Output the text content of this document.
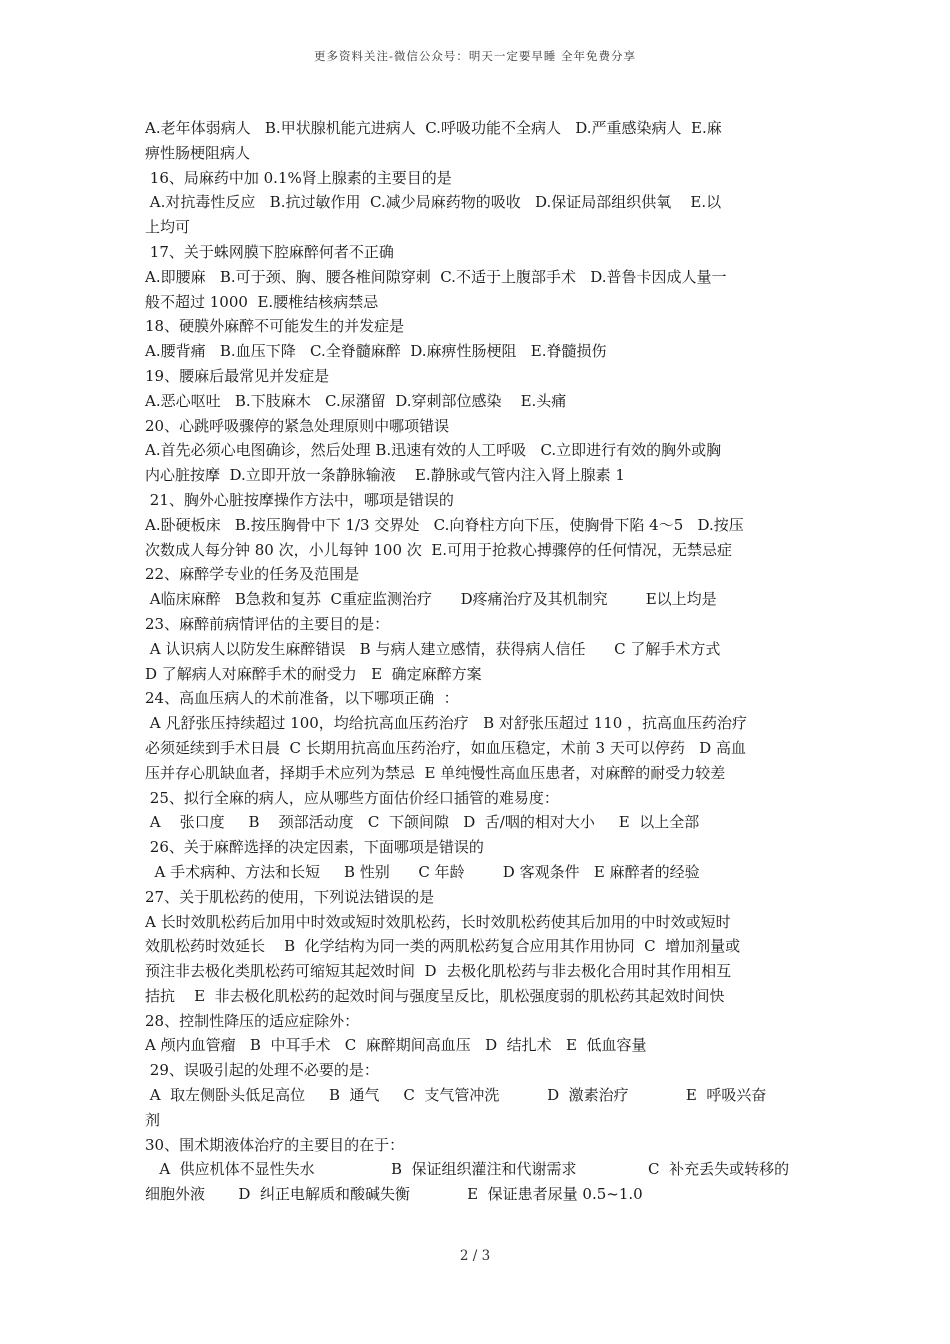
更多资料关注-微信公众号：明天一定要早睡 全年免费分享

A.老年体弱病人   B.甲状腺机能亢进病人  C.呼吸功能不全病人   D.严重感染病人  E.麻

痹性肠梗阻病人

16、局麻药中加 0.1%肾上腺素的主要目的是

A.对抗毒性反应   B.抗过敏作用  C.减少局麻药物的吸收   D.保证局部组织供氧    E.以

上均可

17、关于蛛网膜下腔麻醉何者不正确

A.即腰麻   B.可于颈、胸、腰各椎间隙穿刺  C.不适于上腹部手术   D.普鲁卡因成人量一

般不超过 1000  E.腰椎结核病禁忌

18、硬膜外麻醉不可能发生的并发症是

A.腰背痛   B.血压下降   C.全脊髓麻醉  D.麻痹性肠梗阻   E.脊髓损伤

19、腰麻后最常见并发症是

A.恶心呕吐   B.下肢麻木   C.尿潴留  D.穿刺部位感染    E.头痛

20、心跳呼吸骤停的紧急处理原则中哪项错误

A.首先必须心电图确诊，然后处理 B.迅速有效的人工呼吸   C.立即进行有效的胸外或胸

内心脏按摩  D.立即开放一条静脉输液    E.静脉或气管内注入肾上腺素 1

21、胸外心脏按摩操作方法中，哪项是错误的

A.卧硬板床   B.按压胸骨中下 1/3 交界处   C.向脊柱方向下压，使胸骨下陷 4～5   D.按压

次数成人每分钟 80 次，小儿每钟 100 次  E.可用于抢救心搏骤停的任何情况，无禁忌症

22、麻醉学专业的任务及范围是

A临床麻醉   B急救和复苏  C重症监测治疗      D疼痛治疗及其机制究        E以上均是

23、麻醉前病情评估的主要目的是：

A 认识病人以防发生麻醉错误   B 与病人建立感情，获得病人信任      C 了解手术方式

D 了解病人对麻醉手术的耐受力   E  确定麻醉方案

24、高血压病人的术前准备，以下哪项正确  ：

A 凡舒张压持续超过 100，均给抗高血压药治疗   B 对舒张压超过 110 ，抗高血压药治疗

必须延续到手术日晨  C 长期用抗高血压药治疗，如血压稳定，术前 3 天可以停药   D 高血

压并存心肌缺血者，择期手术应列为禁忌  E 单纯慢性高血压患者，对麻醉的耐受力较差

25、拟行全麻的病人，应从哪些方面估价经口插管的难易度：

A    张口度     B    颈部活动度   C  下颌间隙   D  舌/咽的相对大小     E  以上全部

26、关于麻醉选择的决定因素，下面哪项是错误的

A 手术病种、方法和长短     B 性别      C 年龄        D 客观条件   E 麻醉者的经验

27、关于肌松药的使用，下列说法错误的是

A 长时效肌松药后加用中时效或短时效肌松药，长时效肌松药使其后加用的中时效或短时

效肌松药时效延长    B  化学结构为同一类的两肌松药复合应用其作用协同  C  增加剂量或

预注非去极化类肌松药可缩短其起效时间  D  去极化肌松药与非去极化合用时其作用相互

拮抗    E  非去极化肌松药的起效时间与强度呈反比，肌松强度弱的肌松药其起效时间快

28、控制性降压的适应症除外：

A 颅内血管瘤   B  中耳手术   C  麻醉期间高血压   D  结扎术   E  低血容量

29、误吸引起的处理不必要的是：

A  取左侧卧头低足高位     B  通气     C  支气管冲洗          D  激素治疗            E  呼吸兴奋

剂

30、围术期液体治疗的主要目的在于：

A  供应机体不显性失水                B  保证组织灌注和代谢需求               C  补充丢失或转移的

细胞外液       D  纠正电解质和酸碱失衡            E  保证患者尿量 0.5~1.0

2 / 3
